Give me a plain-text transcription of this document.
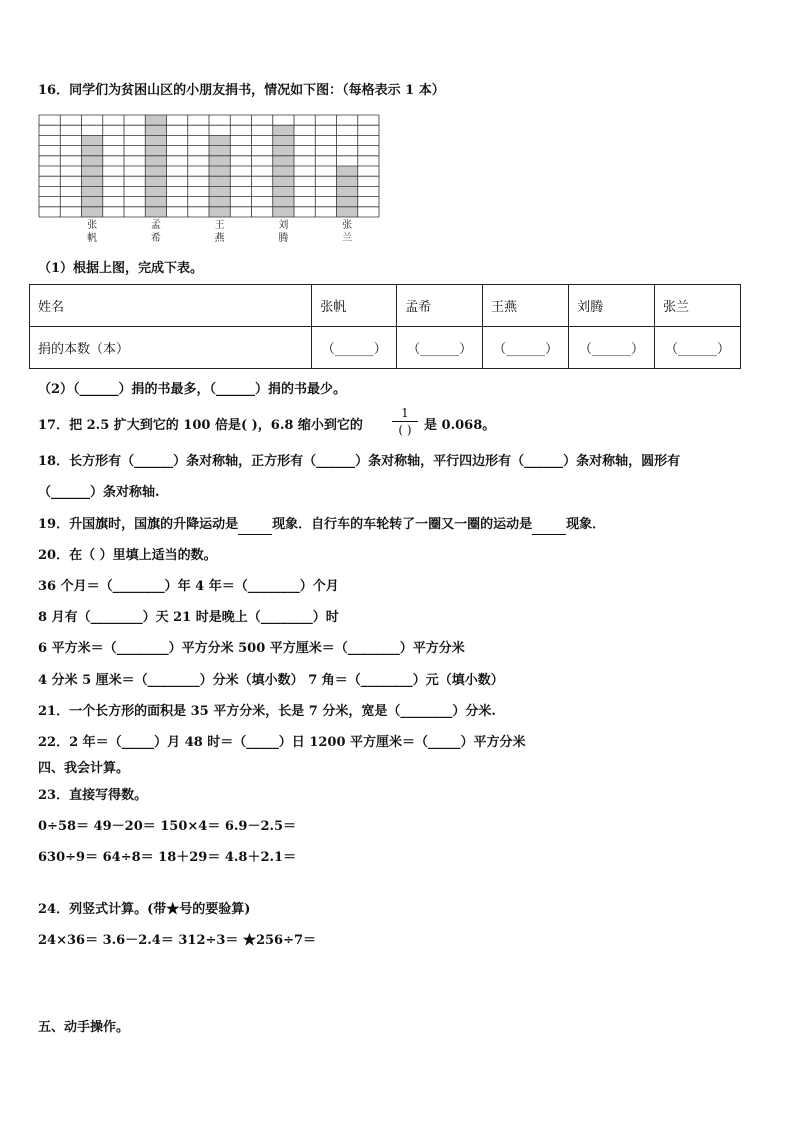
16．同学们为贫困山区的小朋友捐书，情况如下图：（每格表示 1 本）
张
帆
孟
希
王
燕
刘
腾
张
兰
（1）根据上图，完成下表。
姓名	张帆	孟希	王燕	刘腾	张兰
捐的本数（本）	（______）	（______）	（______）	（______）	（______）
（2）（______）捐的书最多，（______）捐的书最少。
17．把 2.5 扩大到它的 100 倍是( )，6.8 缩小到它的
1
( ) 是 0.068。
18．长方形有（______）条对称轴，正方形有（______）条对称轴，平行四边形有（______）条对称轴，圆形有
（______）条对称轴.
19．升国旗时，国旗的升降运动是	现象．自行车的车轮转了一圈又一圈的运动是	现象．
20．在（ ）里填上适当的数。
36 个月＝（________）年 4 年＝（________）个月
8 月有（________）天 21 时是晚上（________）时
6 平方米＝（________）平方分米 500 平方厘米＝（________）平方分米
4 分米 5 厘米＝（________）分米（填小数） 7 角＝（________）元（填小数）
21．一个长方形的面积是 35 平方分米，长是 7 分米，宽是（________）分米.
22．2 年＝（_____）月 48 时＝（_____）日 1200 平方厘米＝（_____）平方分米
四、我会计算。
23．直接写得数。
0÷58＝ 49－20＝ 150×4＝ 6.9－2.5＝
630÷9＝ 64÷8＝ 18＋29＝ 4.8＋2.1＝
24．列竖式计算。(带★号的要验算)
24×36＝ 3.6－2.4＝ 312÷3＝ ★256÷7＝
五、动手操作。
